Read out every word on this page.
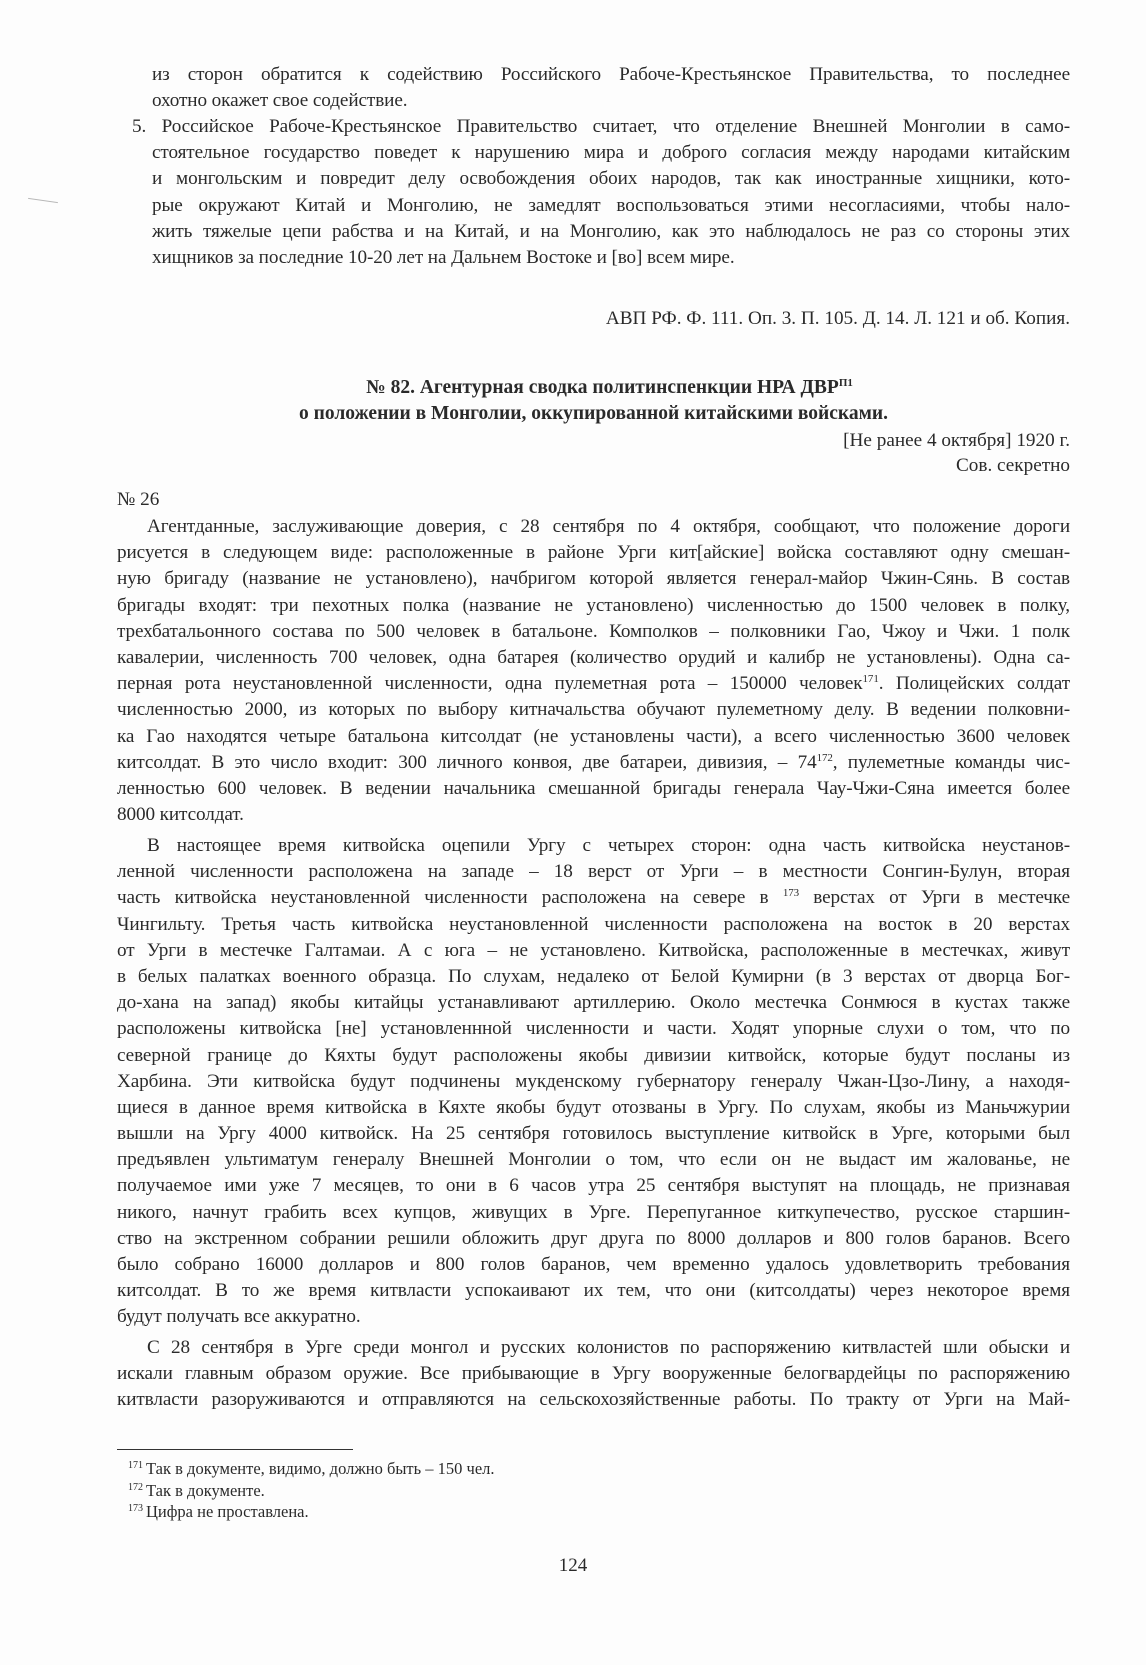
из сторон обратится к содействию Российского Рабоче-Крестьянское Правительства, то последнее
охотно окажет свое содействие.
5. Российское Рабоче-Крестьянское Правительство считает, что отделение Внешней Монголии в само-
стоятельное государство поведет к нарушению мира и доброго согласия между народами китайским
и монгольским и повредит делу освобождения обоих народов, так как иностранные хищники, кото-
рые окружают Китай и Монголию, не замедлят воспользоваться этими несогласиями, чтобы нало-
жить тяжелые цепи рабства и на Китай, и на Монголию, как это наблюдалось не раз со стороны этих
хищников за последние 10-20 лет на Дальнем Востоке и [во] всем мире.
АВП РФ. Ф. 111. Оп. 3. П. 105. Д. 14. Л. 121 и об. Копия.
№ 82. Агентурная сводка политинспенкции НРА $ДВР^{П1}$
о положении в Монголии, оккупированной китайскими войсками.
[Не ранее 4 октября] 1920 г.
Сов. секретно
№ 26
Агентданные, заслуживающие доверия, с 28 сентября по 4 октября, сообщают, что положение дороги
рисуется в следующем виде: расположенные в районе Урги кит[айские] войска составляют одну смешан-
ную бригаду (название не установлено), начбригом которой является генерал-майор Чжин-Сянь. В состав
бригады входят: три пехотных полка (название не установлено) численностью до 1500 человек в полку,
трехбатальонного состава по 500 человек в батальоне. Комполков – полковники Гао, Чжоу и Чжи. 1 полк
кавалерии, численность 700 человек, одна батарея (количество орудий и калибр не установлены). Одна са-
перная рота неустановленной численности, одна пулеметная рота – 150000 человек$^{171}$. Полицейских солдат
численностью 2000, из которых по выбору китначальства обучают пулеметному делу. В ведении полковни-
ка Гао находятся четыре батальона китсолдат (не установлены части), а всего численностью 3600 человек
китсолдат. В это число входит: 300 личного конвоя, две батареи, дивизия, – $74^{172}$, пулеметные команды чис-
ленностью 600 человек. В ведении начальника смешанной бригады генерала Чау-Чжи-Сяна имеется более
8000 китсолдат.
В настоящее время китвойска оцепили Ургу с четырех сторон: одна часть китвойска неустанов-
ленной численности расположена на западе – 18 верст от Урги – в местности Сонгин-Булун, вторая
часть китвойска неустановленной численности расположена на севере в $^{173}$ верстах от Урги в местечке
Чингильту. Третья часть китвойска неустановленной численности расположена на восток в 20 верстах
от Урги в местечке Галтамаи. А с юга – не установлено. Китвойска, расположенные в местечках, живут
в белых палатках военного образца. По слухам, недалеко от Белой Кумирни (в 3 верстах от дворца Бог-
до-хана на запад) якобы китайцы устанавливают артиллерию. Около местечка Сонмюся в кустах также
расположены китвойска [не] установленнной численности и части. Ходят упорные слухи о том, что по
северной границе до Кяхты будут расположены якобы дивизии китвойск, которые будут посланы из
Харбина. Эти китвойска будут подчинены мукденскому губернатору генералу Чжан-Цзо-Лину, а находя-
щиеся в данное время китвойска в Кяхте якобы будут отозваны в Ургу. По слухам, якобы из Маньчжурии
вышли на Ургу 4000 китвойск. На 25 сентября готовилось выступление китвойск в Урге, которыми был
предъявлен ультиматум генералу Внешней Монголии о том, что если он не выдаст им жалованье, не
получаемое ими уже 7 месяцев, то они в 6 часов утра 25 сентября выступят на площадь, не признавая
никого, начнут грабить всех купцов, живущих в Урге. Перепуганное киткупечество, русское старшин-
ство на экстренном собрании решили обложить друг друга по 8000 долларов и 800 голов баранов. Всего
было собрано 16000 долларов и 800 голов баранов, чем временно удалось удовлетворить требования
китсолдат. В то же время китвласти успокаивают их тем, что они (китсолдаты) через некоторое время
будут получать все аккуратно.
С 28 сентября в Урге среди монгол и русских колонистов по распоряжению китвластей шли обыски и
искали главным образом оружие. Все прибывающие в Ургу вооруженные белогвардейцы по распоряжению
китвласти разоруживаются и отправляются на сельскохозяйственные работы. По тракту от Урги на Май-
$^{171}$ Так в документе, видимо, должно быть – 150 чел.
$^{172}$ Так в документе.
$^{173}$ Цифра не проставлена.
124
